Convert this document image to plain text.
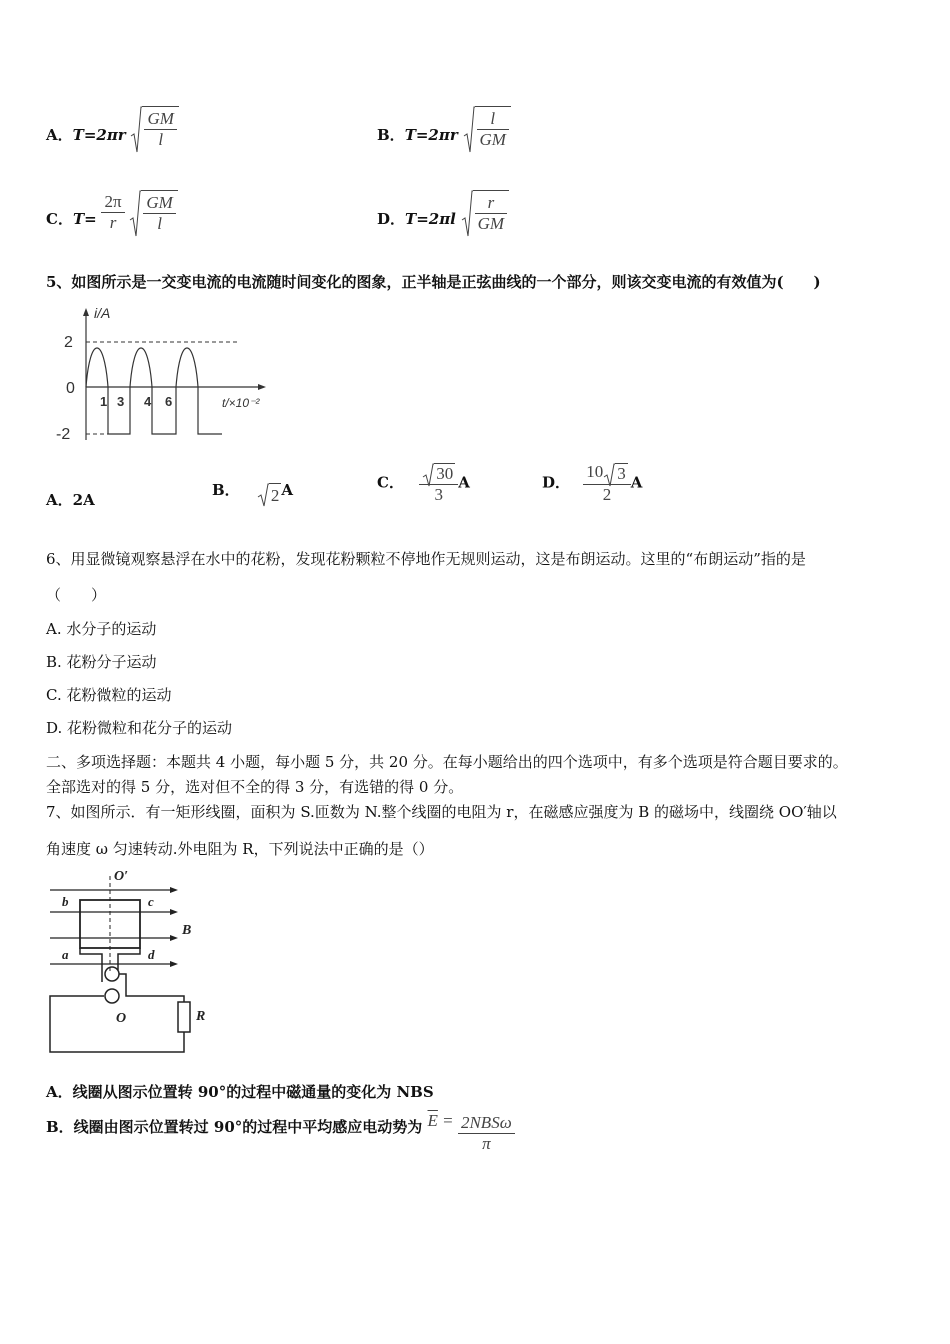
A．$T=2\pi r \frac{GM}{l}$	B．$T=2\pi r \frac{l}{GM}$
C．$T= \frac{2\pi}{r}$
$\frac{GM}{l}$	D．$T=2\pi l \frac{r}{GM}$
5、如图所示是一交变电流的电流随时间变化的图象，正半轴是正弦曲线的一个部分，则该交变电流的有效值为(　　)
i/A
2
0
-2
1 3 4 6	t/×10⁻²
A．2A
B． 2 A	C． $\frac{30}{3}$ A	D． $\frac{10 3}{2}$ A
6、用显微镜观察悬浮在水中的花粉，发现花粉颗粒不停地作无规则运动，这是布朗运动。这里的“布朗运动”指的是
（　　）
A. 水分子的运动
B. 花粉分子运动
C. 花粉微粒的运动
D. 花粉微粒和花分子的运动
二、多项选择题：本题共 4 小题，每小题 5 分，共 20 分。在每小题给出的四个选项中，有多个选项是符合题目要求的。
全部选对的得 5 分，选对但不全的得 3 分，有选错的得 0 分。
7、如图所示．有一矩形线圈，面积为 S.匝数为 N.整个线圈的电阻为 r，在磁感应强度为 B 的磁场中，线圈绕 OO′轴以
角速度 ω 匀速转动.外电阻为 R，下列说法中正确的是（）
O′
b	c
B
a	d
O	R
A．线圈从图示位置转 90°的过程中磁通量的变化为 NBS
B．线圈由图示位置转过 90°的过程中平均感应电动势为 $\overline{E} = \frac{\text{2NBSω}}{\pi}$
